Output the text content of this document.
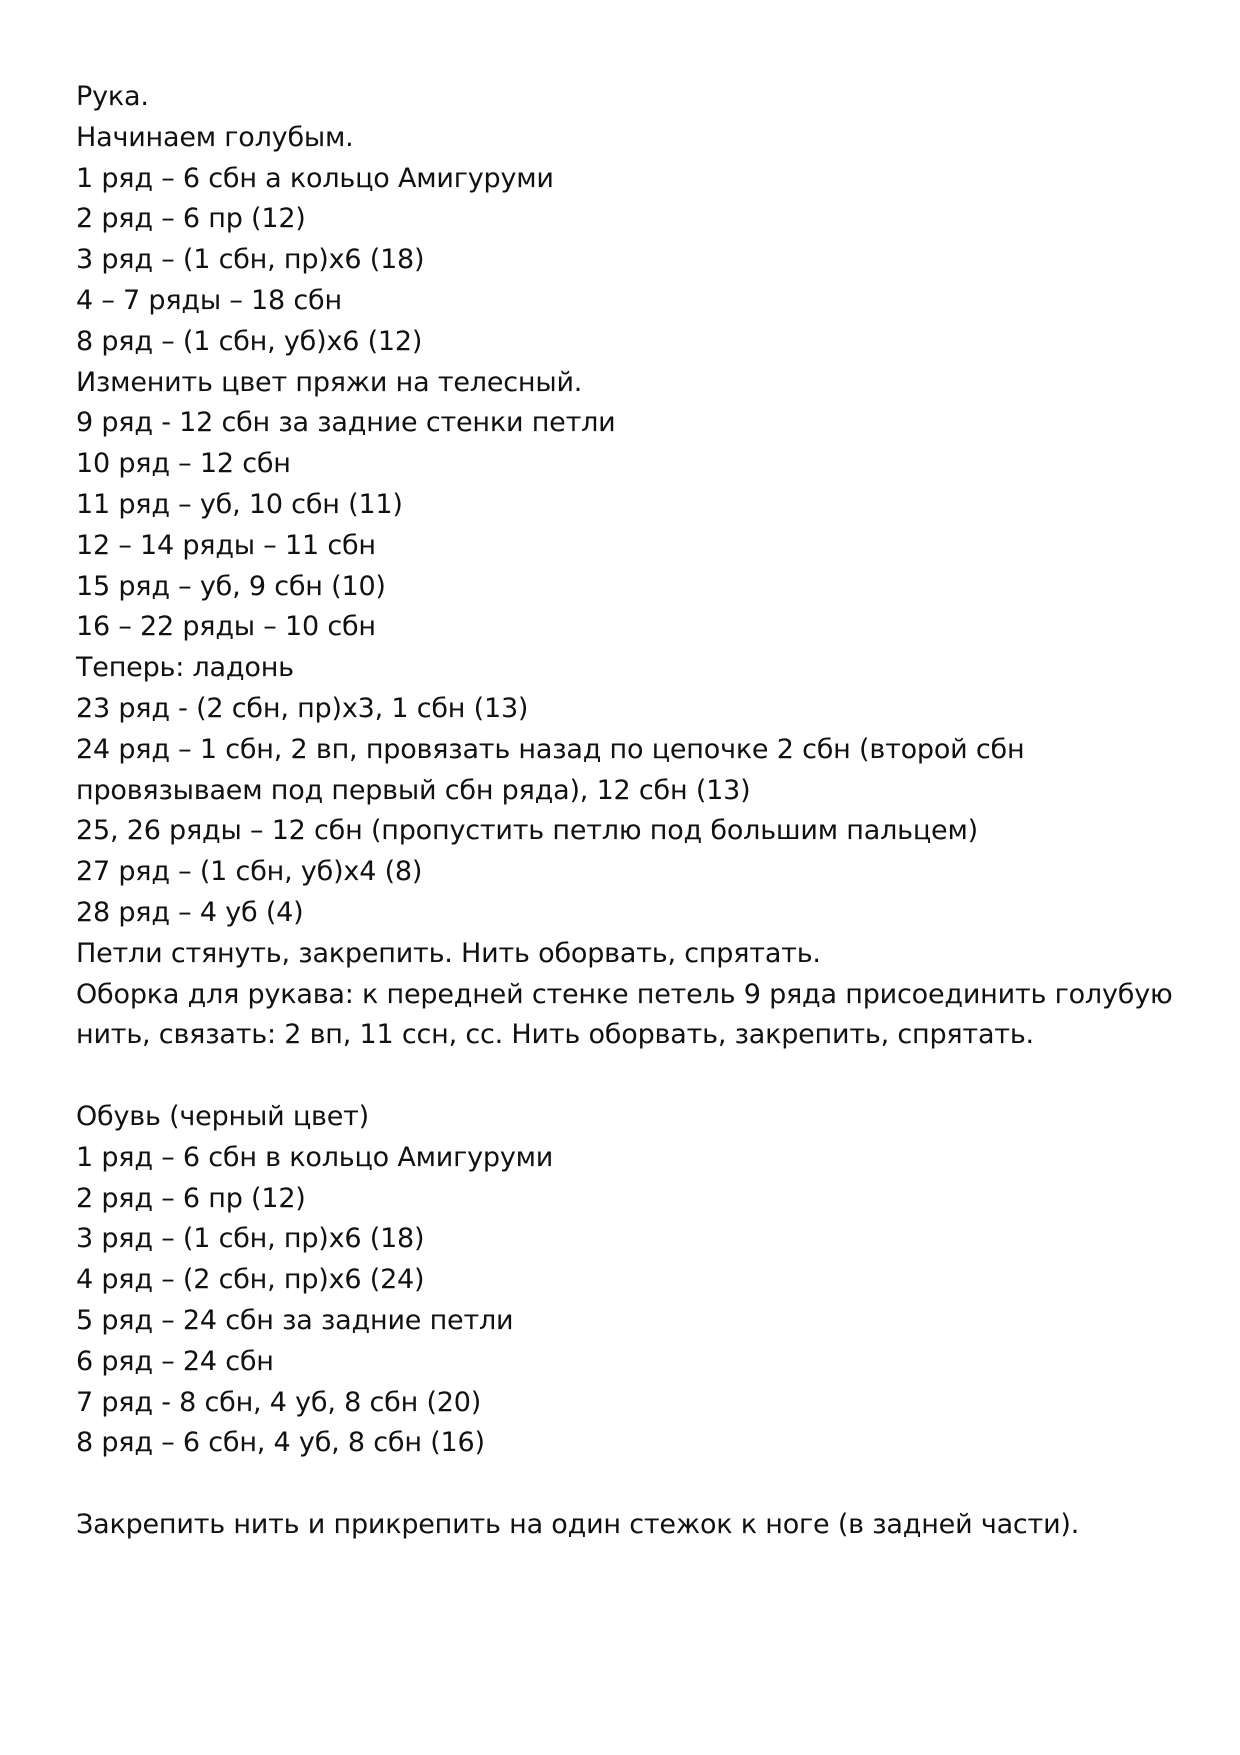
Рука.

Начинаем голубым.

1 ряд – 6 сбн а кольцо Амигуруми

2 ряд – 6 пр (12)

3 ряд – (1 сбн, пр)х6 (18)

4 – 7 ряды – 18 сбн

8 ряд – (1 сбн, уб)х6 (12)

Изменить цвет пряжи на телесный.

9 ряд - 12 сбн за задние стенки петли

10 ряд – 12 сбн

11 ряд – уб, 10 сбн (11)

12 – 14 ряды – 11 сбн

15 ряд – уб, 9 сбн (10)

16 – 22 ряды – 10 сбн

Теперь: ладонь

23 ряд - (2 сбн, пр)х3, 1 сбн (13)

24 ряд – 1 сбн, 2 вп, провязать назад по цепочке 2 сбн (второй сбн

провязываем под первый сбн ряда), 12 сбн (13)

25, 26 ряды – 12 сбн (пропустить петлю под большим пальцем)

27 ряд – (1 сбн, уб)х4 (8)

28 ряд – 4 уб (4)

Петли стянуть, закрепить. Нить оборвать, спрятать.

Оборка для рукава: к передней стенке петель 9 ряда присоединить голубую

нить, связать: 2 вп, 11 ссн, сс. Нить оборвать, закрепить, спрятать.

Обувь (черный цвет)

1 ряд – 6 сбн в кольцо Амигуруми

2 ряд – 6 пр (12)

3 ряд – (1 сбн, пр)х6 (18)

4 ряд – (2 сбн, пр)х6 (24)

5 ряд – 24 сбн за задние петли

6 ряд – 24 сбн

7 ряд - 8 сбн, 4 уб, 8 сбн (20)

8 ряд – 6 сбн, 4 уб, 8 сбн (16)

Закрепить нить и прикрепить на один стежок к ноге (в задней части).
